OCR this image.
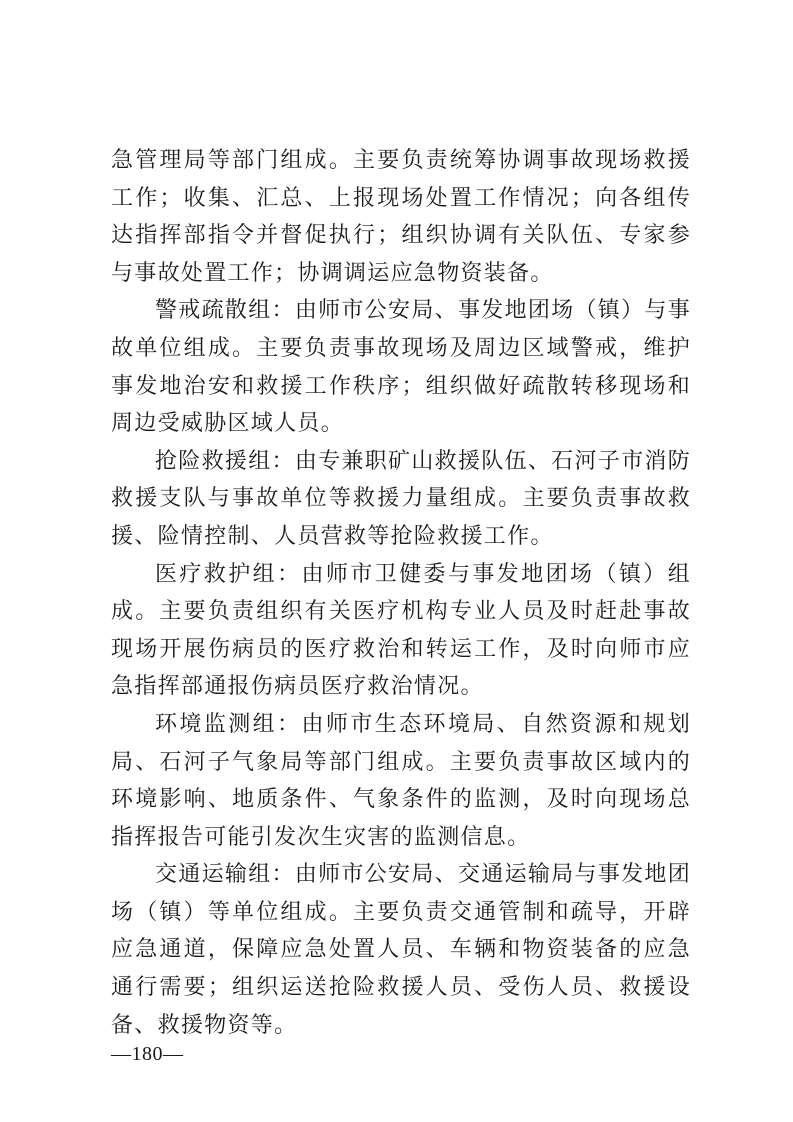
急管理局等部门组成。主要负责统筹协调事故现场救援工作；收集、汇总、上报现场处置工作情况；向各组传达指挥部指令并督促执行；组织协调有关队伍、专家参与事故处置工作；协调调运应急物资装备。

警戒疏散组：由师市公安局、事发地团场（镇）与事故单位组成。主要负责事故现场及周边区域警戒，维护事发地治安和救援工作秩序；组织做好疏散转移现场和周边受威胁区域人员。

抢险救援组：由专兼职矿山救援队伍、石河子市消防救援支队与事故单位等救援力量组成。主要负责事故救援、险情控制、人员营救等抢险救援工作。

医疗救护组：由师市卫健委与事发地团场（镇）组成。主要负责组织有关医疗机构专业人员及时赶赴事故现场开展伤病员的医疗救治和转运工作，及时向师市应急指挥部通报伤病员医疗救治情况。

环境监测组：由师市生态环境局、自然资源和规划局、石河子气象局等部门组成。主要负责事故区域内的环境影响、地质条件、气象条件的监测，及时向现场总指挥报告可能引发次生灾害的监测信息。

交通运输组：由师市公安局、交通运输局与事发地团场（镇）等单位组成。主要负责交通管制和疏导，开辟应急通道，保障应急处置人员、车辆和物资装备的应急通行需要；组织运送抢险救援人员、受伤人员、救援设备、救援物资等。

—180—
